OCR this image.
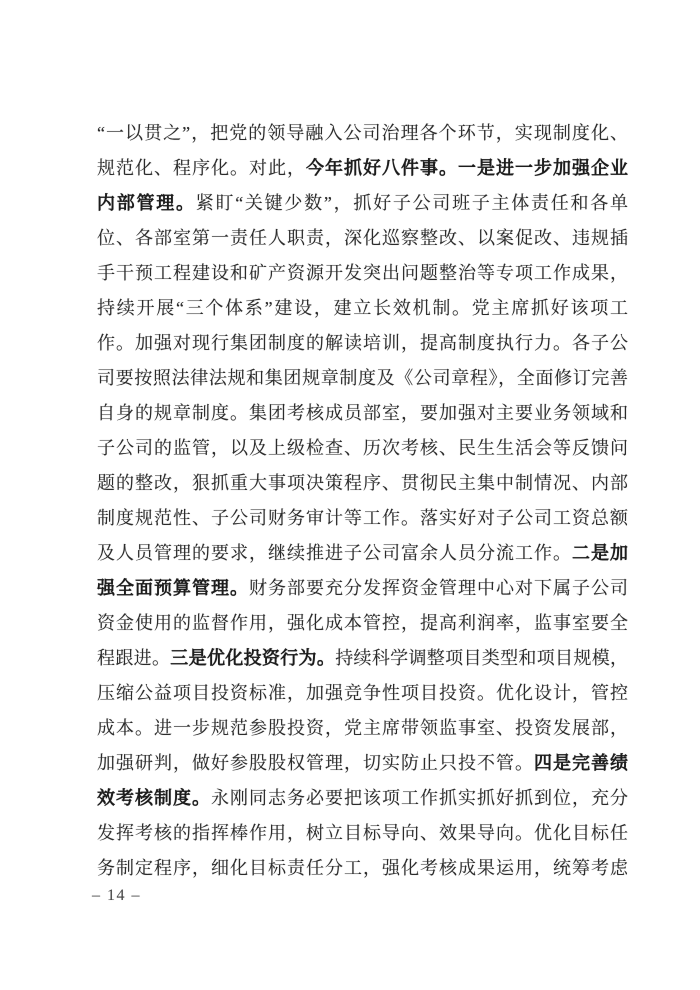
“一以贯之”，把党的领导融入公司治理各个环节，实现制度化、
规范化、程序化。对此，今年抓好八件事。一是进一步加强企业
内部管理。紧盯“关键少数”，抓好子公司班子主体责任和各单
位、各部室第一责任人职责，深化巡察整改、以案促改、违规插
手干预工程建设和矿产资源开发突出问题整治等专项工作成果，
持续开展“三个体系”建设，建立长效机制。党主席抓好该项工
作。加强对现行集团制度的解读培训，提高制度执行力。各子公
司要按照法律法规和集团规章制度及《公司章程》，全面修订完善
自身的规章制度。集团考核成员部室，要加强对主要业务领域和
子公司的监管，以及上级检查、历次考核、民生生活会等反馈问
题的整改，狠抓重大事项决策程序、贯彻民主集中制情况、内部
制度规范性、子公司财务审计等工作。落实好对子公司工资总额
及人员管理的要求，继续推进子公司富余人员分流工作。二是加
强全面预算管理。财务部要充分发挥资金管理中心对下属子公司
资金使用的监督作用，强化成本管控，提高利润率，监事室要全
程跟进。三是优化投资行为。持续科学调整项目类型和项目规模，
压缩公益项目投资标准，加强竞争性项目投资。优化设计，管控
成本。进一步规范参股投资，党主席带领监事室、投资发展部，
加强研判，做好参股股权管理，切实防止只投不管。四是完善绩
效考核制度。永刚同志务必要把该项工作抓实抓好抓到位，充分
发挥考核的指挥棒作用，树立目标导向、效果导向。优化目标任
务制定程序，细化目标责任分工，强化考核成果运用，统筹考虑
– 14 –
